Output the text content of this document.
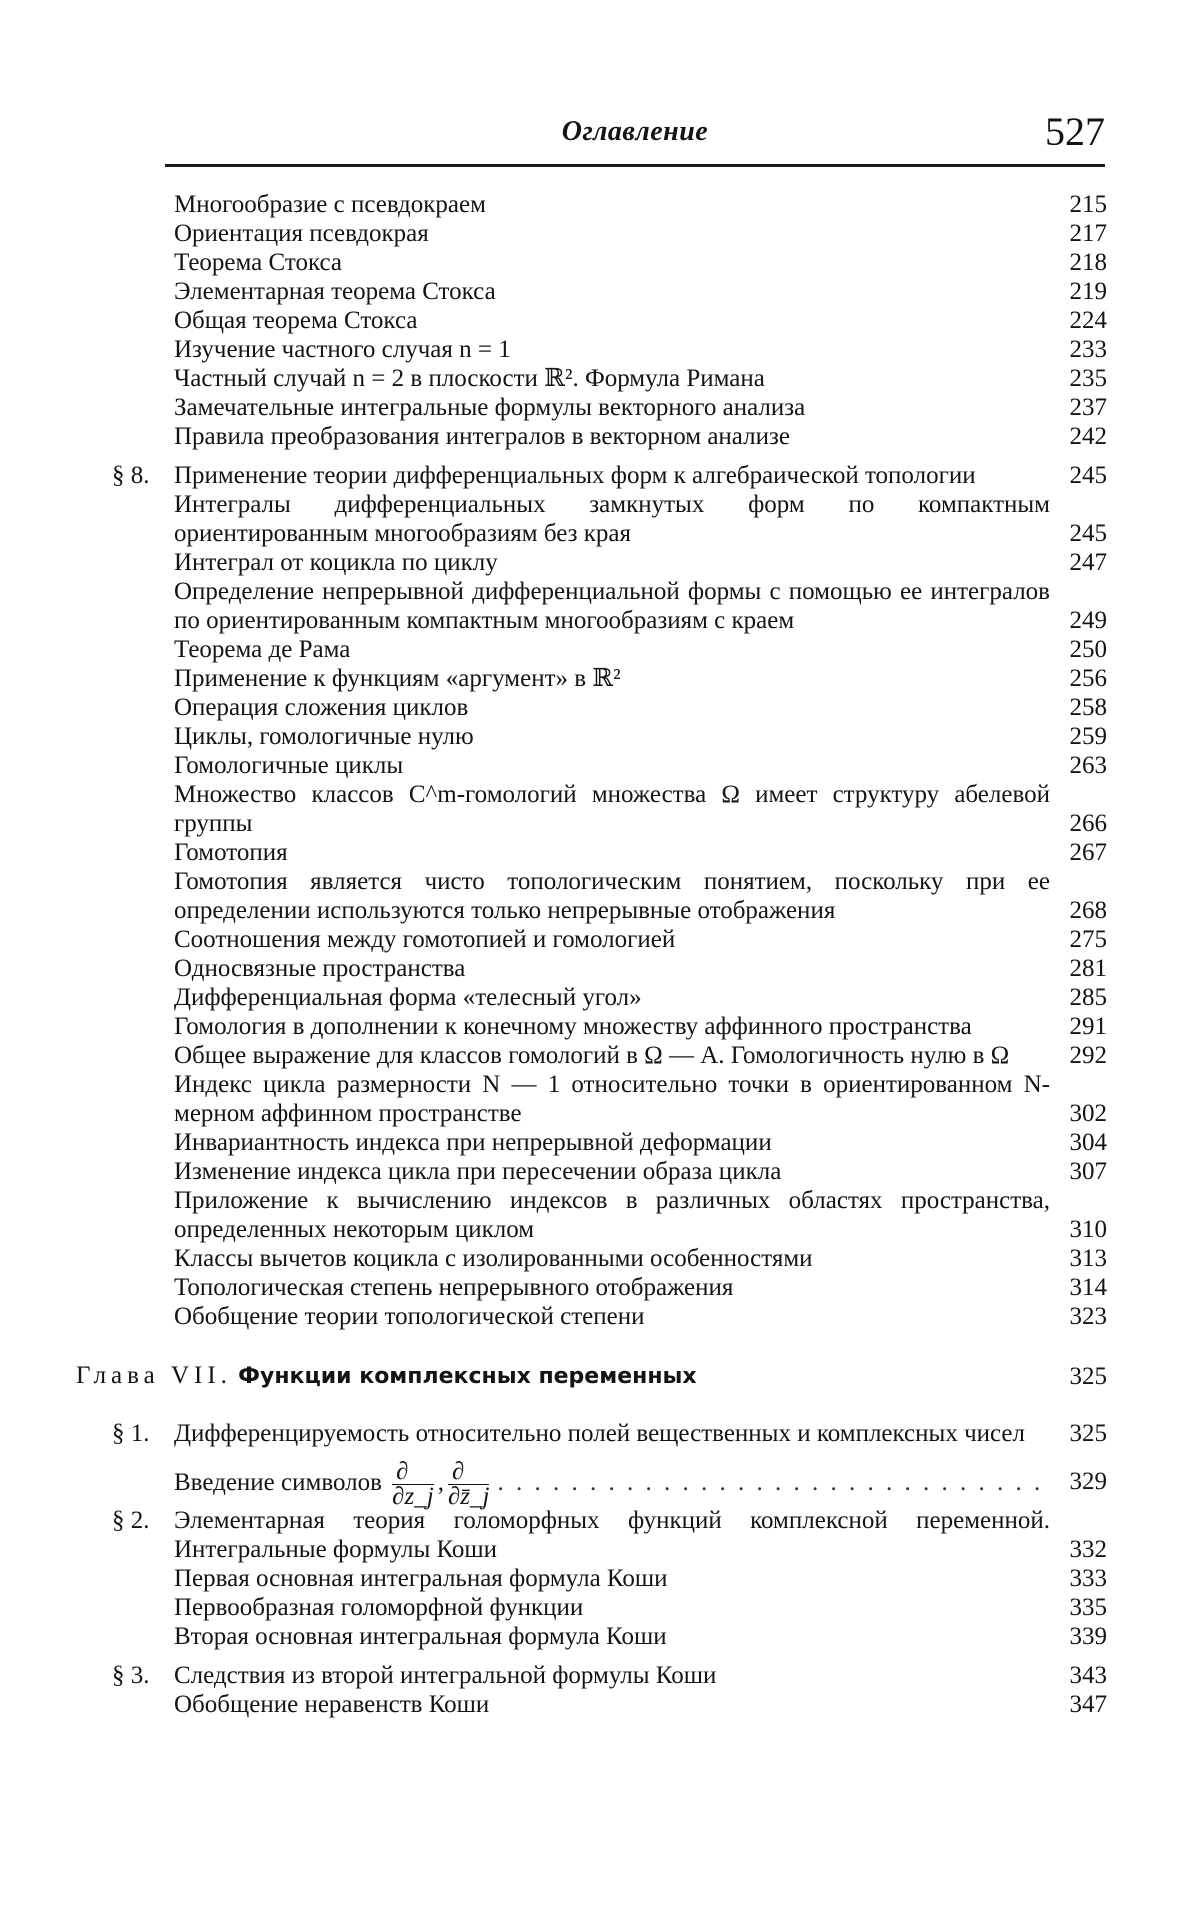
Оглавление	527
Многообразие с псевдокраем	215
Ориентация псевдокрая	217
Теорема Стокса	218
Элементарная теорема Стокса	219
Общая теорема Стокса	224
Изучение частного случая n = 1	233
Частный случай n = 2 в плоскости ℝ². Формула Римана	235
Замечательные интегральные формулы векторного анализа	237
Правила преобразования интегралов в векторном анализе	242
§ 8. Применение теории дифференциальных форм к алгебраической топологии	245
Интегралы дифференциальных замкнутых форм по компактным ориентированным многообразиям без края	245
Интеграл от коцикла по циклу	247
Определение непрерывной дифференциальной формы с помощью ее интегралов по ориентированным компактным многообразиям с краем	249
Теорема де Рама	250
Применение к функциям «аргумент» в ℝ²	256
Операция сложения циклов	258
Циклы, гомологичные нулю	259
Гомологичные циклы	263
Множество классов C^m-гомологий множества Ω имеет структуру абелевой группы	266
Гомотопия	267
Гомотопия является чисто топологическим понятием, поскольку при ее определении используются только непрерывные отображения	268
Соотношения между гомотопией и гомологией	275
Односвязные пространства	281
Дифференциальная форма «телесный угол»	285
Гомология в дополнении к конечному множеству аффинного пространства	291
Общее выражение для классов гомологий в Ω — A. Гомологичность нулю в Ω	292
Индекс цикла размерности N — 1 относительно точки в ориентированном N-мерном аффинном пространстве	302
Инвариантность индекса при непрерывной деформации	304
Изменение индекса цикла при пересечении образа цикла	307
Приложение к вычислению индексов в различных областях пространства, определенных некоторым циклом	310
Классы вычетов коцикла с изолированными особенностями	313
Топологическая степень непрерывного отображения	314
Обобщение теории топологической степени	323
Глава VII. Функции комплексных переменных	325
§ 1. Дифференцируемость относительно полей вещественных и комплексных чисел	325
Введение символов $\frac{\partial}{\partial z\_j}$ , $\frac{\partial}{\partial z̄\_j}$ . . .	329
§ 2. Элементарная теория голоморфных функций комплексной переменной. Интегральные формулы Коши	332
Первая основная интегральная формула Коши	333
Первообразная голоморфной функции	335
Вторая основная интегральная формула Коши	339
§ 3. Следствия из второй интегральной формулы Коши	343
Обобщение неравенств Коши	347
